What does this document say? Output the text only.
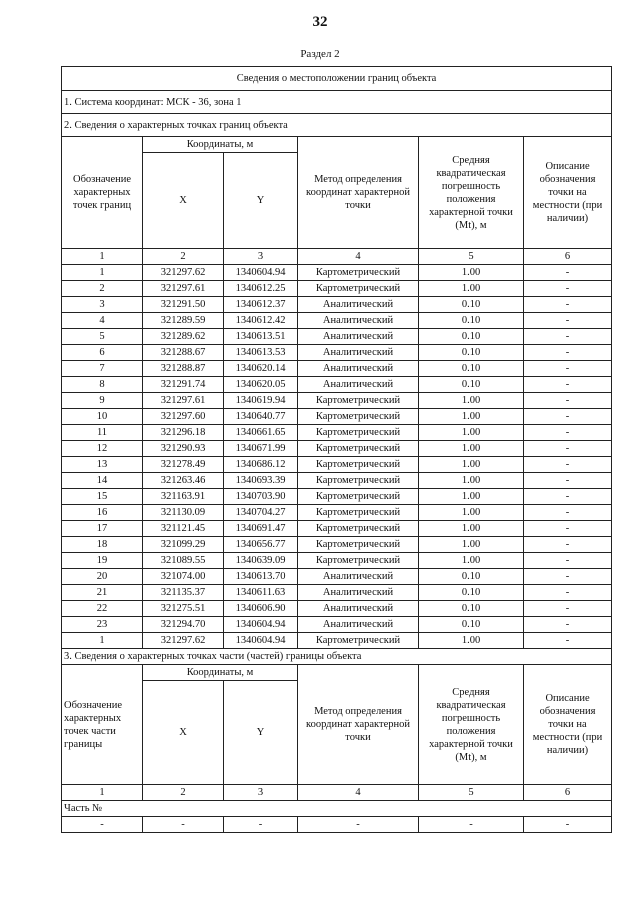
32
Раздел 2
Сведения о местоположении границ объекта					
1. Система координат: МСК - 36, зона 1					
2. Сведения о характерных точках границ объекта					
Обозначение характерных точек границ	Координаты, м		Метод определения координат характерной точки	Средняя квадратическая погрешность положения характерной точки (Mt), м	Описание обозначения точки на местности (при наличии)
	X	Y			
1	2	3	4	5	6
1	321297.62	1340604.94	Картометрический	1.00	-
2	321297.61	1340612.25	Картометрический	1.00	-
3	321291.50	1340612.37	Аналитический	0.10	-
4	321289.59	1340612.42	Аналитический	0.10	-
5	321289.62	1340613.51	Аналитический	0.10	-
6	321288.67	1340613.53	Аналитический	0.10	-
7	321288.87	1340620.14	Аналитический	0.10	-
8	321291.74	1340620.05	Аналитический	0.10	-
9	321297.61	1340619.94	Картометрический	1.00	-
10	321297.60	1340640.77	Картометрический	1.00	-
11	321296.18	1340661.65	Картометрический	1.00	-
12	321290.93	1340671.99	Картометрический	1.00	-
13	321278.49	1340686.12	Картометрический	1.00	-
14	321263.46	1340693.39	Картометрический	1.00	-
15	321163.91	1340703.90	Картометрический	1.00	-
16	321130.09	1340704.27	Картометрический	1.00	-
17	321121.45	1340691.47	Картометрический	1.00	-
18	321099.29	1340656.77	Картометрический	1.00	-
19	321089.55	1340639.09	Картометрический	1.00	-
20	321074.00	1340613.70	Аналитический	0.10	-
21	321135.37	1340611.63	Аналитический	0.10	-
22	321275.51	1340606.90	Аналитический	0.10	-
23	321294.70	1340604.94	Аналитический	0.10	-
1	321297.62	1340604.94	Картометрический	1.00	-
3. Сведения о характерных точках части (частей) границы объекта					
Обозначение характерных точек части границы	Координаты, м		Метод определения координат характерной точки	Средняя квадратическая погрешность положения характерной точки (Mt), м	Описание обозначения точки на местности (при наличии)
	X	Y			
1	2	3	4	5	6
Часть №					
-	-	-	-	-	-
